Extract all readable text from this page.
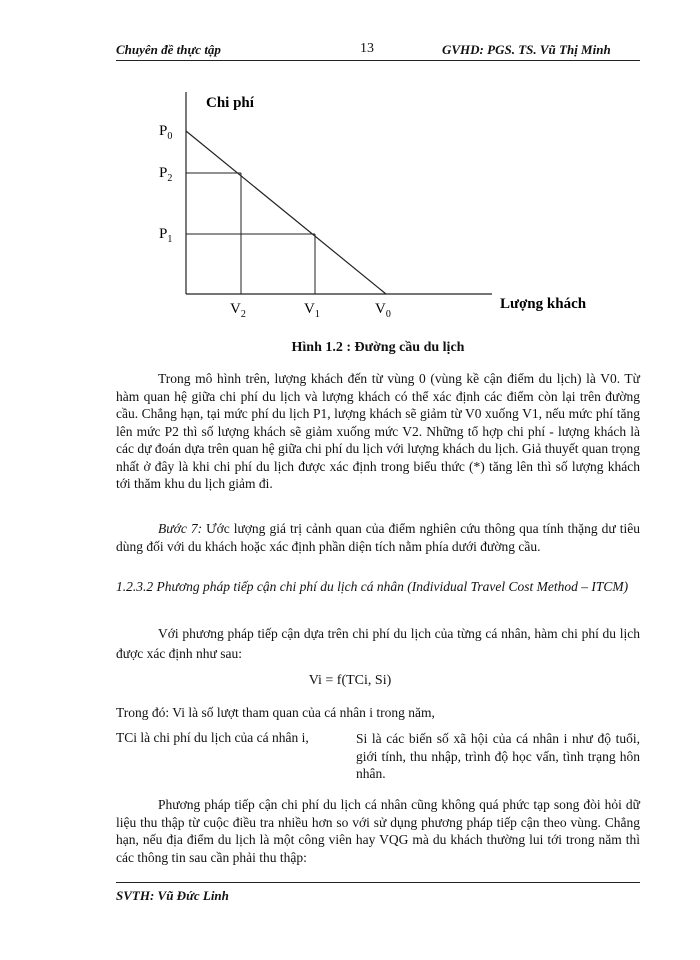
Chuyên đề thực tập	13	GVHD: PGS. TS. Vũ Thị Minh
$P_0$
$P_2$
$P_1$
$V_2$	$V_1$	$V_0$
Chi phí
Lượng khách
Hình 1.2 : Đường cầu du lịch
Trong mô hình trên, lượng khách đến từ vùng 0 (vùng kề cận điểm du lịch) là V0. Từ hàm quan hệ giữa chi phí du lịch và lượng khách có thể xác định các điểm còn lại trên đường cầu. Chẳng hạn, tại mức phí du lịch P1, lượng khách sẽ giảm từ V0 xuống V1, nếu mức phí tăng lên mức P2 thì số lượng khách sẽ giảm xuống mức V2. Những tổ hợp chi phí - lượng khách là các dự đoán dựa trên quan hệ giữa chi phí du lịch với lượng khách du lịch. Giả thuyết quan trọng nhất ở đây là khi chi phí du lịch được xác định trong biểu thức (*) tăng lên thì số lượng khách tới thăm khu du lịch giảm đi.
Bước 7: Ước lượng giá trị cảnh quan của điểm nghiên cứu thông qua tính thặng dư tiêu dùng đối với du khách hoặc xác định phần diện tích nằm phía dưới đường cầu.
1.2.3.2 Phương pháp tiếp cận chi phí du lịch cá nhân (Individual Travel Cost Method – ITCM)
Với phương pháp tiếp cận dựa trên chi phí du lịch của từng cá nhân, hàm chi phí du lịch được xác định như sau:
Vi = f(TCi, Si)
Trong đó: Vi là số lượt tham quan của cá nhân i trong năm,
TCi là chi phí du lịch của cá nhân i,	Si là các biến số xã hội của cá nhân i như độ tuổi, giới tính, thu nhập, trình độ học vấn, tình trạng hôn nhân.
Phương pháp tiếp cận chi phí du lịch cá nhân cũng không quá phức tạp song đòi hỏi dữ liệu thu thập từ cuộc điều tra nhiều hơn so với sử dụng phương pháp tiếp cận theo vùng. Chẳng hạn, nếu địa điểm du lịch là một công viên hay VQG mà du khách thường lui tới trong năm thì các thông tin sau cần phải thu thập:
SVTH: Vũ Đức Linh
